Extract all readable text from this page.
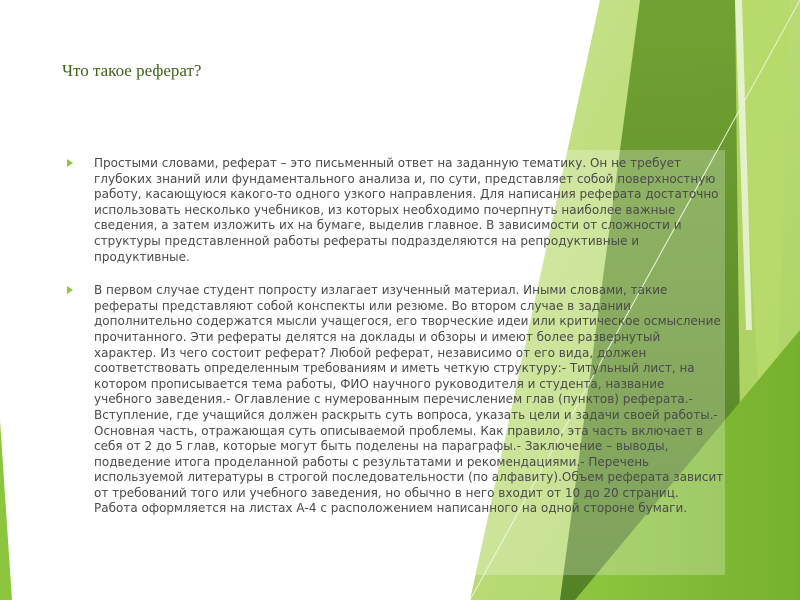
Что такое реферат?

Простыми словами, реферат – это письменный ответ на заданную тематику. Он не требует глубоких знаний или фундаментального анализа и, по сути, представляет собой поверхностную работу, касающуюся какого-то одного узкого направления. Для написания реферата достаточно использовать несколько учебников, из которых необходимо почерпнуть наиболее важные сведения, а затем изложить их на бумаге, выделив главное. В зависимости от сложности и структуры представленной работы рефераты подразделяются на репродуктивные и продуктивные.

В первом случае студент попросту излагает изученный материал. Иными словами, такие рефераты представляют собой конспекты или резюме. Во втором случае в задании дополнительно содержатся мысли учащегося, его творческие идеи или критическое осмысление прочитанного. Эти рефераты делятся на доклады и обзоры и имеют более развернутый характер. Из чего состоит реферат? Любой реферат, независимо от его вида, должен соответствовать определенным требованиям и иметь четкую структуру:- Титульный лист, на котором прописывается тема работы, ФИО научного руководителя и студента, название учебного заведения.- Оглавление с нумерованным перечислением глав (пунктов) реферата.- Вступление, где учащийся должен раскрыть суть вопроса, указать цели и задачи своей работы.- Основная часть, отражающая суть описываемой проблемы. Как правило, эта часть включает в себя от 2 до 5 глав, которые могут быть поделены на параграфы.- Заключение – выводы, подведение итога проделанной работы с результатами и рекомендациями.- Перечень используемой литературы в строгой последовательности (по алфавиту).Объем реферата зависит от требований того или учебного заведения, но обычно в него входит от 10 до 20 страниц. Работа оформляется на листах А-4 с расположением написанного на одной стороне бумаги.
